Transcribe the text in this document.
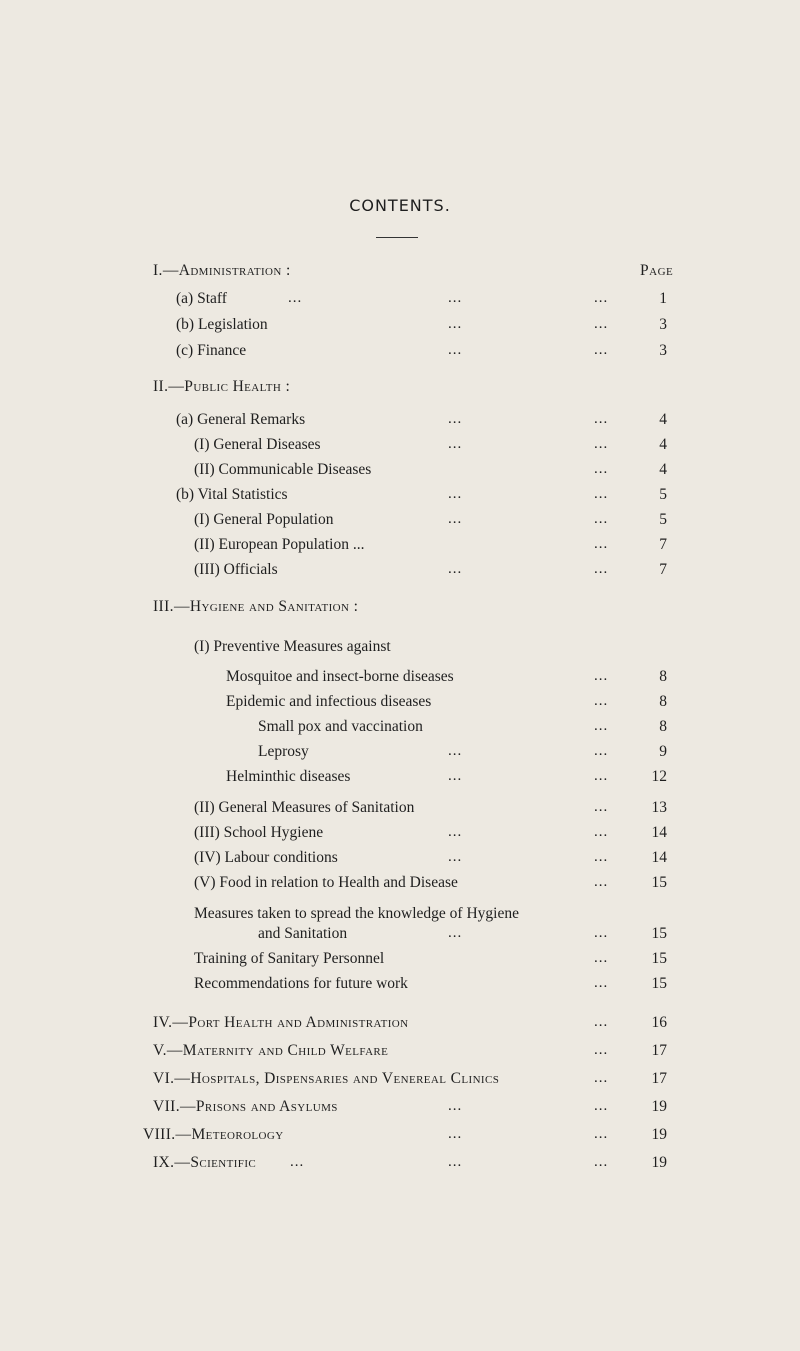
CONTENTS.
I.—Administration :	Page
(a) Staff	...	...	...	1
(b) Legislation	...	...	3
(c) Finance	...	...	3
II.—Public Health :
(a) General Remarks	...	...	4
(I) General Diseases	...	...	4
(II) Communicable Diseases	...	4
(b) Vital Statistics	...	...	5
(I) General Population	...	...	5
(II) European Population ...	...	7
(III) Officials	...	...	7
III.—Hygiene and Sanitation :
(I) Preventive Measures against
Mosquitoe and insect-borne diseases	...	8
Epidemic and infectious diseases	...	8
Small pox and vaccination	...	8
Leprosy	...	...	9
Helminthic diseases	...	...	12
(II) General Measures of Sanitation	...	13
(III) School Hygiene	...	...	14
(IV) Labour conditions	...	...	14
(V) Food in relation to Health and Disease	...	15
Measures taken to spread the knowledge of Hygiene
and Sanitation	...	...	15
Training of Sanitary Personnel	...	15
Recommendations for future work	...	15
IV.—Port Health and Administration	...	16
V.—Maternity and Child Welfare	...	17
VI.—Hospitals, Dispensaries and Venereal Clinics	...	17
VII.—Prisons and Asylums	...	...	19
VIII.—Meteorology	...	...	19
IX.—Scientific ...	...	...	19
